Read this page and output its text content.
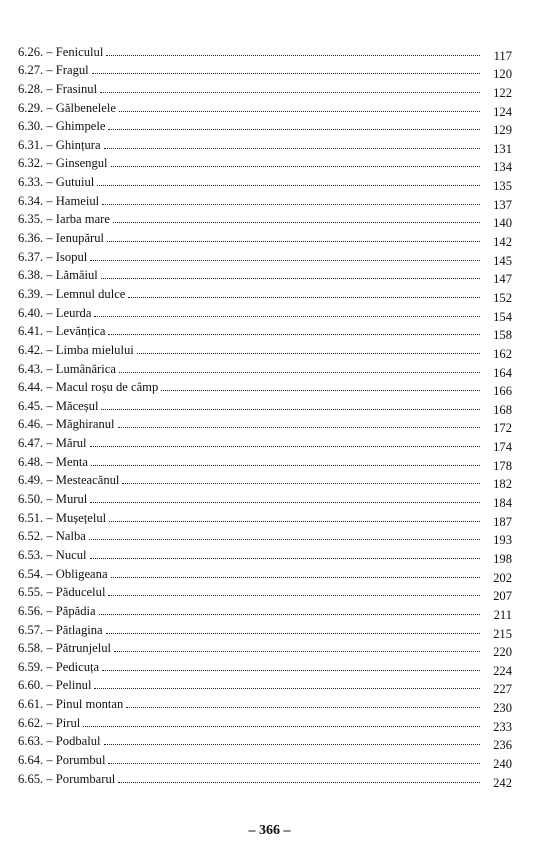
6.26. – Feniculul	117
6.27. – Fragul	120
6.28. – Frasinul	122
6.29. – Gălbenelele	124
6.30. – Ghimpele	129
6.31. – Ghințura	131
6.32. – Ginsengul	134
6.33. – Gutuiul	135
6.34. – Hameiul	137
6.35. – Iarba mare	140
6.36. – Ienupărul	142
6.37. – Isopul	145
6.38. – Lămâiul	147
6.39. – Lemnul dulce	152
6.40. – Leurda	154
6.41. – Levănțica	158
6.42. – Limba mielului	162
6.43. – Lumânărica	164
6.44. – Macul roșu de câmp	166
6.45. – Măceșul	168
6.46. – Măghiranul	172
6.47. – Mărul	174
6.48. – Menta	178
6.49. – Mesteacănul	182
6.50. – Murul	184
6.51. – Mușețelul	187
6.52. – Nalba	193
6.53. – Nucul	198
6.54. – Obligeana	202
6.55. – Păducelul	207
6.56. – Păpădia	211
6.57. – Pătlagina	215
6.58. – Pătrunjelul	220
6.59. – Pedicuța	224
6.60. – Pelinul	227
6.61. – Pinul montan	230
6.62. – Pirul	233
6.63. – Podbalul	236
6.64. – Porumbul	240
6.65. – Porumbarul	242
– 366 –
